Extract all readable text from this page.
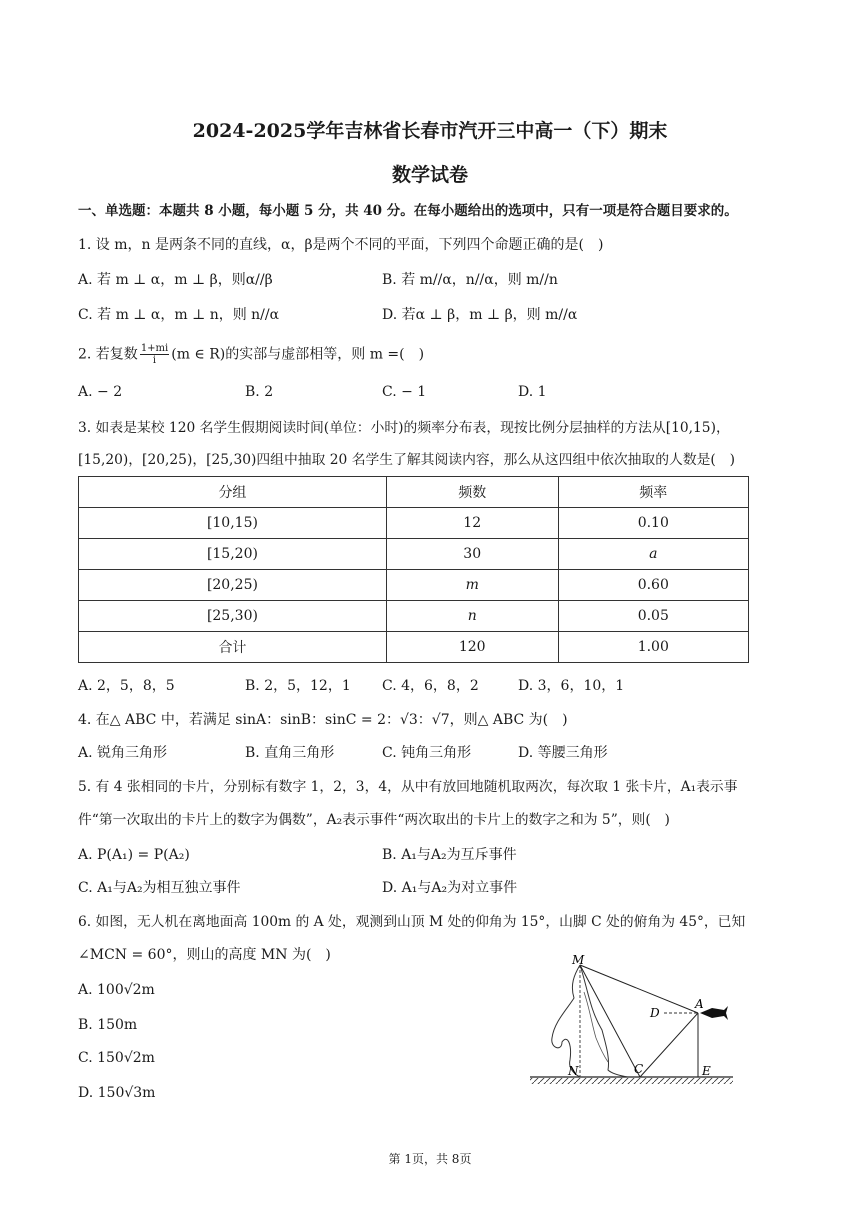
2024-2025学年吉林省长春市汽开三中高一（下）期末
数学试卷
一、单选题：本题共 8 小题，每小题 5 分，共 40 分。在每小题给出的选项中，只有一项是符合题目要求的。
1. 设 m，n 是两条不同的直线，α，β是两个不同的平面，下列四个命题正确的是(　)
A. 若 m ⊥ α，m ⊥ β，则α//β	B. 若 m//α，n//α，则 m//n
C. 若 m ⊥ α，m ⊥ n，则 n//α	D. 若α ⊥ β，m ⊥ β，则 m//α
2. 若复数 $\frac{1+mi}{i} (m$ ∈ R)的实部与虚部相等，则 m =(　)
A. − 2	B. 2	C. − 1	D. 1
3. 如表是某校 120 名学生假期阅读时间(单位：小时)的频率分布表，现按比例分层抽样的方法从[10,15)，
[15,20)，[20,25)，[25,30)四组中抽取 20 名学生了解其阅读内容，那么从这四组中依次抽取的人数是(　)
分组	频数	频率
[10,15)	12	0.10
[15,20)	30	a
[20,25)	m	0.60
[25,30)	n	0.05
合计	120	1.00
A. 2，5，8，5	B. 2，5，12，1 C. 4，6，8，2	D. 3，6，10，1
4. 在△ ABC 中，若满足 sinA：sinB：sinC = 2：√3：√7，则△ ABC 为(　)
A. 锐角三角形	B. 直角三角形	C. 钝角三角形	D. 等腰三角形
5. 有 4 张相同的卡片，分别标有数字 1，2，3，4，从中有放回地随机取两次，每次取 1 张卡片，A₁表示事
件“第一次取出的卡片上的数字为偶数”，A₂表示事件“两次取出的卡片上的数字之和为 5”，则(　)
A. P(A₁) = P(A₂)	B. A₁与A₂为互斥事件
C. A₁与A₂为相互独立事件	D. A₁与A₂为对立事件
6. 如图，无人机在离地面高 100m 的 A 处，观测到山顶 M 处的仰角为 15°，山脚 C 处的俯角为 45°，已知
∠MCN = 60°，则山的高度 MN 为(　)
A. 100√2m
B. 150m
C. 150√2m
D. 150√3m
M
D
A
N	C	E
第 1页，共 8页
